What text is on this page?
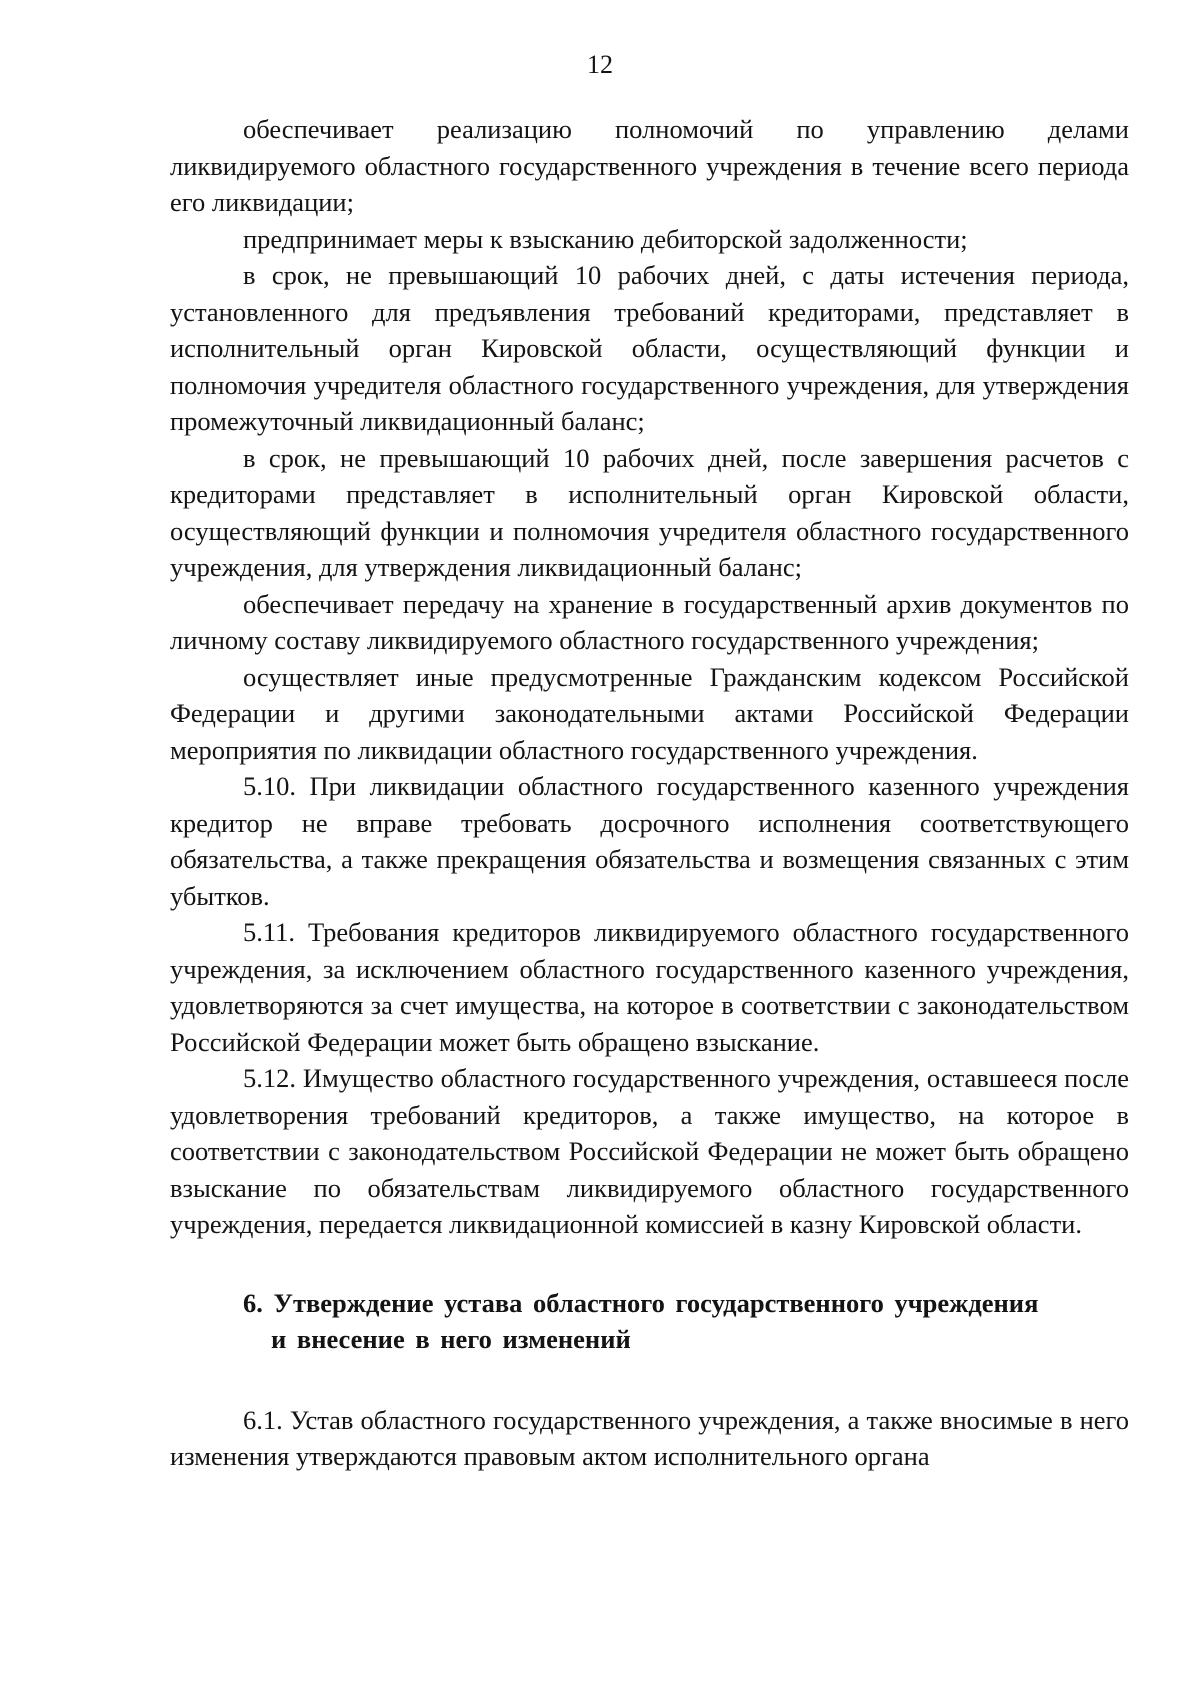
12

обеспечивает реализацию полномочий по управлению делами ликвидируемого областного государственного учреждения в течение всего периода его ликвидации;

предпринимает меры к взысканию дебиторской задолженности;

в срок, не превышающий 10 рабочих дней, с даты истечения периода, установленного для предъявления требований кредиторами, представляет в исполнительный орган Кировской области, осуществляющий функции и полномочия учредителя областного государственного учреждения, для утверждения промежуточный ликвидационный баланс;

в срок, не превышающий 10 рабочих дней, после завершения расчетов с кредиторами представляет в исполнительный орган Кировской области, осуществляющий функции и полномочия учредителя областного государственного учреждения, для утверждения ликвидационный баланс;

обеспечивает передачу на хранение в государственный архив документов по личному составу ликвидируемого областного государственного учреждения;

осуществляет иные предусмотренные Гражданским кодексом Российской Федерации и другими законодательными актами Российской Федерации мероприятия по ликвидации областного государственного учреждения.

5.10. При ликвидации областного государственного казенного учреждения кредитор не вправе требовать досрочного исполнения соответствующего обязательства, а также прекращения обязательства и возмещения связанных с этим убытков.

5.11. Требования кредиторов ликвидируемого областного государственного учреждения, за исключением областного государственного казенного учреждения, удовлетворяются за счет имущества, на которое в соответствии с законодательством Российской Федерации может быть обращено взыскание.

5.12. Имущество областного государственного учреждения, оставшееся после удовлетворения требований кредиторов, а также имущество, на которое в соответствии с законодательством Российской Федерации не может быть обращено взыскание по обязательствам ликвидируемого областного государственного учреждения, передается ликвидационной комиссией в казну Кировской области.

6. Утверждение устава областного государственного учреждения
и внесение в него изменений

6.1. Устав областного государственного учреждения, а также вносимые в него изменения утверждаются правовым актом исполнительного органа
